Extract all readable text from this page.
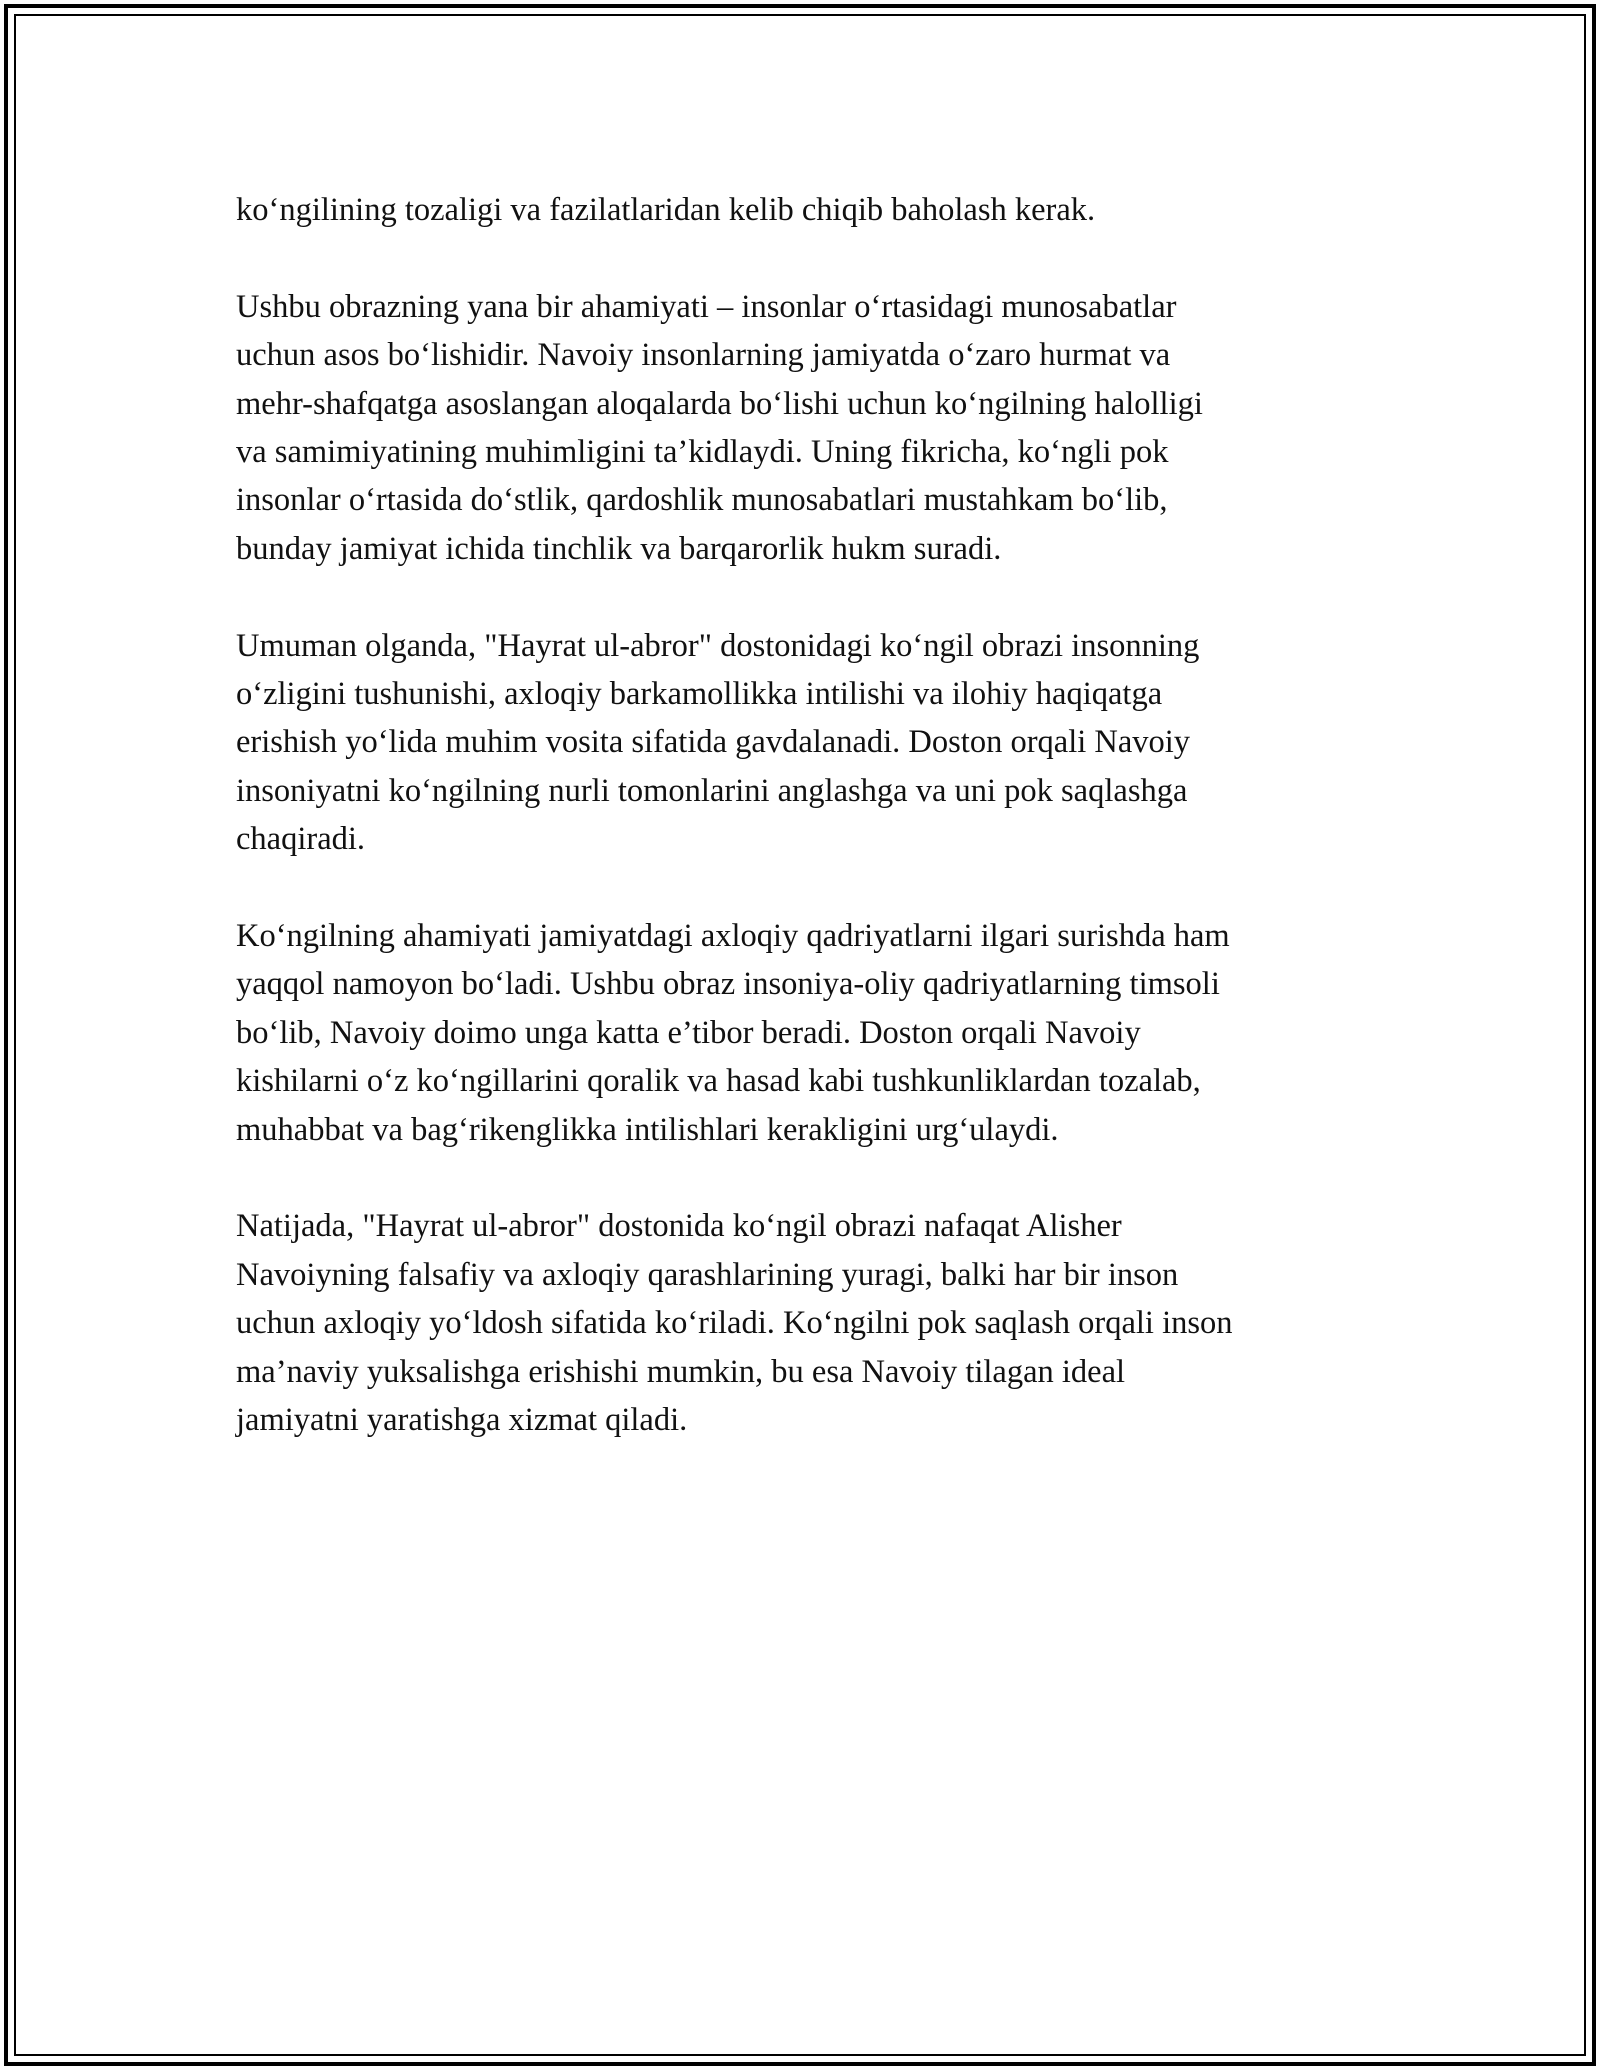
ko‘ngilining tozaligi va fazilatlaridan kelib chiqib baholash kerak.

Ushbu obrazning yana bir ahamiyati – insonlar o‘rtasidagi munosabatlar
uchun asos bo‘lishidir. Navoiy insonlarning jamiyatda o‘zaro hurmat va
mehr-shafqatga asoslangan aloqalarda bo‘lishi uchun ko‘ngilning halolligi
va samimiyatining muhimligini ta’kidlaydi. Uning fikricha, ko‘ngli pok
insonlar o‘rtasida do‘stlik, qardoshlik munosabatlari mustahkam bo‘lib,
bunday jamiyat ichida tinchlik va barqarorlik hukm suradi.

Umuman olganda, "Hayrat ul-abror" dostonidagi ko‘ngil obrazi insonning
o‘zligini tushunishi, axloqiy barkamollikka intilishi va ilohiy haqiqatga
erishish yo‘lida muhim vosita sifatida gavdalanadi. Doston orqali Navoiy
insoniyatni ko‘ngilning nurli tomonlarini anglashga va uni pok saqlashga
chaqiradi.

Ko‘ngilning ahamiyati jamiyatdagi axloqiy qadriyatlarni ilgari surishda ham
yaqqol namoyon bo‘ladi. Ushbu obraz insoniya-oliy qadriyatlarning timsoli
bo‘lib, Navoiy doimo unga katta e’tibor beradi. Doston orqali Navoiy
kishilarni o‘z ko‘ngillarini qoralik va hasad kabi tushkunliklardan tozalab,
muhabbat va bag‘rikenglikka intilishlari kerakligini urg‘ulaydi.

Natijada, "Hayrat ul-abror" dostonida ko‘ngil obrazi nafaqat Alisher
Navoiyning falsafiy va axloqiy qarashlarining yuragi, balki har bir inson
uchun axloqiy yo‘ldosh sifatida ko‘riladi. Ko‘ngilni pok saqlash orqali inson
ma’naviy yuksalishga erishishi mumkin, bu esa Navoiy tilagan ideal
jamiyatni yaratishga xizmat qiladi.
